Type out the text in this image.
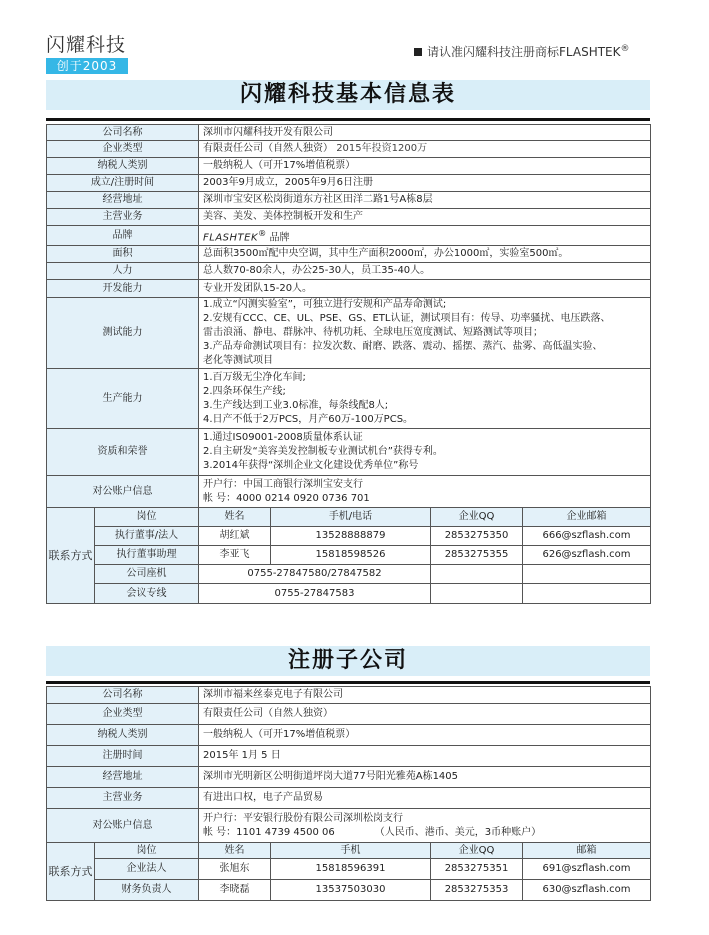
闪耀科技
创于2003
请认准闪耀科技注册商标FLASHTEK®
闪耀科技基本信息表
公司名称		深圳市闪耀科技开发有限公司			
企业类型		有限责任公司（自然人独资） 2015年投资1200万			
纳税人类别		一般纳税人（可开17%增值税票）			
成立/注册时间		2003年9月成立，2005年9月6日注册			
经营地址		深圳市宝安区松岗街道东方社区田洋二路1号A栋8层			
主营业务		美容、美发、美体控制板开发和生产			
品牌		FLASHTEK® 品牌			
面积		总面积3500㎡配中央空调，其中生产面积2000㎡，办公1000㎡，实验室500㎡。			
人力		总人数70-80余人，办公25-30人，员工35-40人。			
开发能力		专业开发团队15-20人。			
测试能力		1.成立“闪测实验室”，可独立进行安规和产品寿命测试;
2.安规有CCC、CE、UL、PSE、GS、ETL认证，测试项目有：传导、功率骚扰、电压跌落、
雷击浪涌、静电、群脉冲、待机功耗、全球电压宽度测试、短路测试等项目；
3.产品寿命测试项目有：拉发次数、耐磨、跌落、震动、摇摆、蒸汽、盐雾、高低温实验、
老化等测试项目			

生产能力		1.百万级无尘净化车间;
2.四条环保生产线;
3.生产线达到工业3.0标准，每条线配8人;
4.日产不低于2万PCS，月产60万-100万PCS。			

资质和荣誉		1.通过IS09001-2008质量体系认证
2.自主研发“美容美发控制板专业测试机台”获得专利。
3.2014年获得“深圳企业文化建设优秀单位”称号			

对公账户信息		开户行：中国工商银行深圳宝安支行
帐 号：4000 0214 0920 0736 701			

联系方式	岗位	姓名	手机/电话	企业QQ	企业邮箱
	执行董事/法人	胡红斌	13528888879	2853275350	666@szflash.com
	执行董事助理	李亚飞	15818598526	2853275355	626@szflash.com
	公司座机	0755-27847580/27847582			
	会议专线	0755-27847583			
注册子公司
公司名称		深圳市福来丝泰克电子有限公司			
企业类型		有限责任公司（自然人独资）			
纳税人类别		一般纳税人（可开17%增值税票）			
注册时间		2015年 1月 5 日			
经营地址		深圳市光明新区公明街道坪岗大道77号阳光雅苑A栋1405			
主营业务		有进出口权，电子产品贸易			
对公账户信息		开户行：平安银行股份有限公司深圳松岗支行
帐 号：1101 4739 4500 06 （人民币、港币、美元，3币种账户）			

联系方式	岗位	姓名	手机	企业QQ	邮箱
	企业法人	张旭东	15818596391	2853275351	691@szflash.com
	财务负责人	李晓磊	13537503030	2853275353	630@szflash.com
